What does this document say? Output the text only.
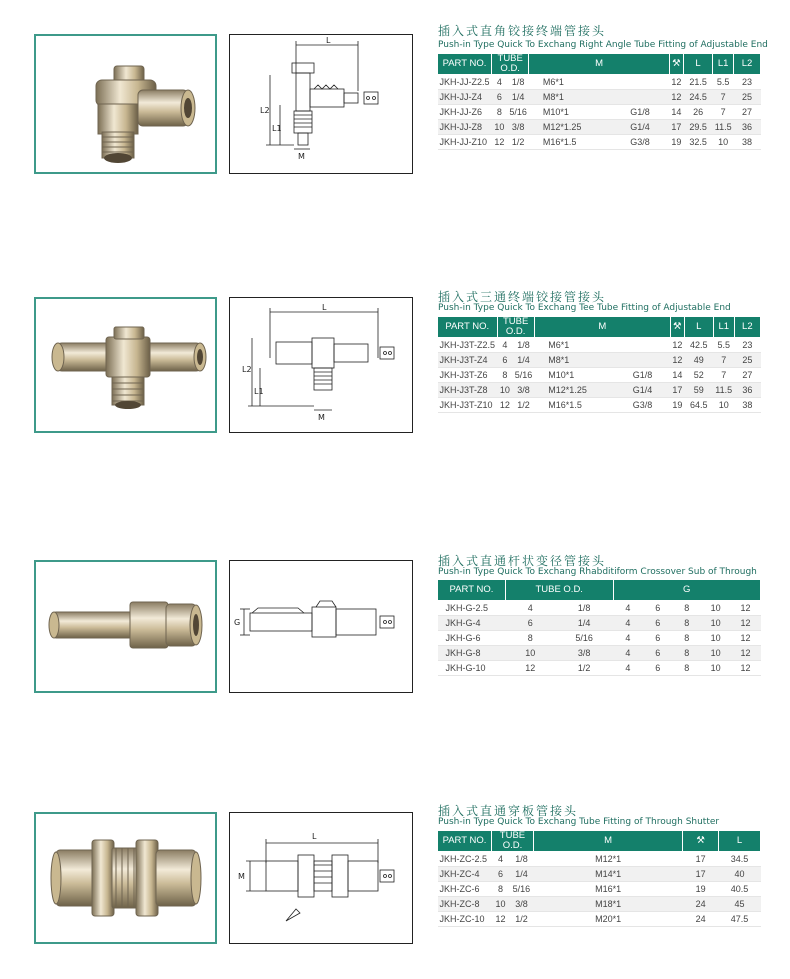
L
L2
L1
M
插入式直角铰接终端管接头
Push-in Type Quick To Exchang Right Angle Tube Fitting of Adjustable End
PART NO.	TUBE O.D.		M		⚒	L	L1	L2
JKH-JJ-Z2.5	4	1/8	M6*1		12	21.5	5.5	23
JKH-JJ-Z4	6	1/4	M8*1		12	24.5	7	25
JKH-JJ-Z6	8	5/16	M10*1	G1/8	14	26	7	27
JKH-JJ-Z8	10	3/8	M12*1.25	G1/4	17	29.5	11.5	36
JKH-JJ-Z10	12	1/2	M16*1.5	G3/8	19	32.5	10	38
L
L2
L1
M
插入式三通终端铰接管接头
Push-in Type Quick To Exchang Tee Tube Fitting of Adjustable End
PART NO.	TUBE O.D.		M		⚒	L	L1	L2
JKH-J3T-Z2.5	4	1/8	M6*1		12	42.5	5.5	23
JKH-J3T-Z4	6	1/4	M8*1		12	49	7	25
JKH-J3T-Z6	8	5/16	M10*1	G1/8	14	52	7	27
JKH-J3T-Z8	10	3/8	M12*1.25	G1/4	17	59	11.5	36
JKH-J3T-Z10	12	1/2	M16*1.5	G3/8	19	64.5	10	38
G
插入式直通杆状变径管接头
Push-in Type Quick To Exchang Rhabditiform Crossover Sub of Through
PART NO.	TUBE O.D.		G				
JKH-G-2.5	4	1/8	4	6	8	10	12
JKH-G-4	6	1/4	4	6	8	10	12
JKH-G-6	8	5/16	4	6	8	10	12
JKH-G-8	10	3/8	4	6	8	10	12
JKH-G-10	12	1/2	4	6	8	10	12
L
M
插入式直通穿板管接头
Push-in Type Quick To Exchang Tube Fitting of Through Shutter
PART NO.	TUBE O.D.		M	⚒	L
JKH-ZC-2.5	4	1/8	M12*1	17	34.5
JKH-ZC-4	6	1/4	M14*1	17	40
JKH-ZC-6	8	5/16	M16*1	19	40.5
JKH-ZC-8	10	3/8	M18*1	24	45
JKH-ZC-10	12	1/2	M20*1	24	47.5
